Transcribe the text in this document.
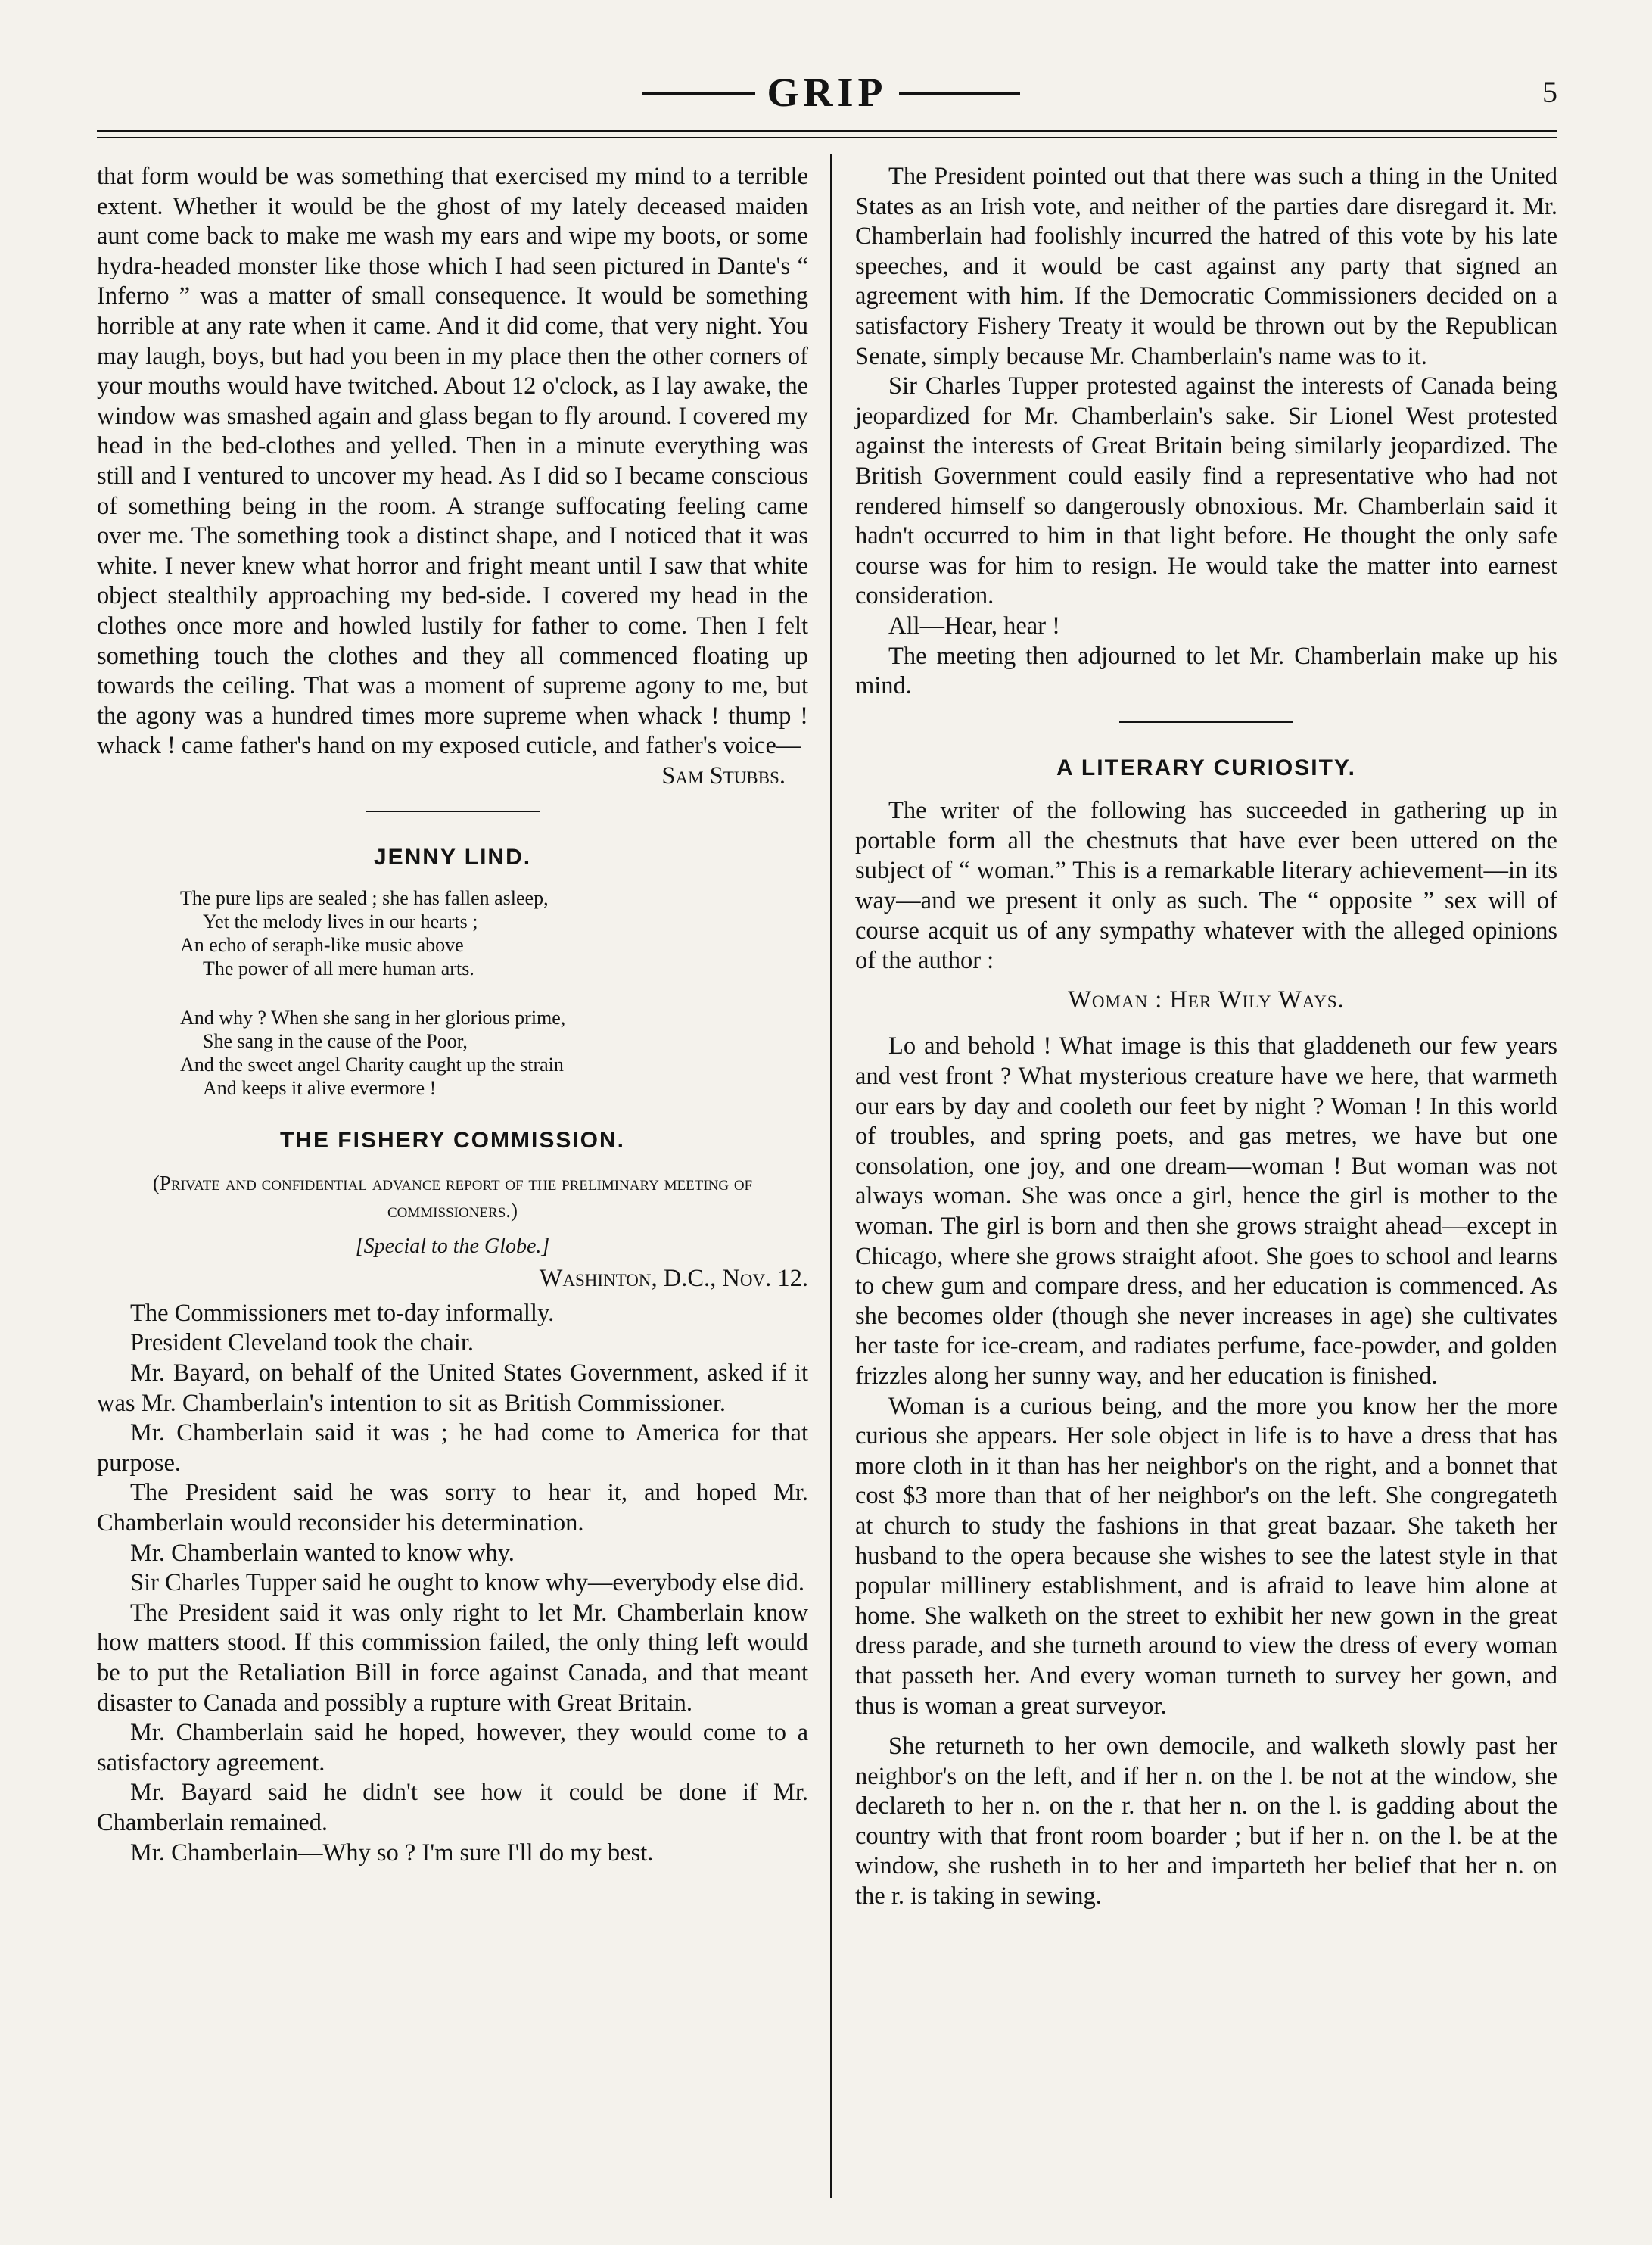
GRIP	5

that form would be was something that exercised my mind to a terrible extent. Whether it would be the ghost of my lately deceased maiden aunt come back to make me wash my ears and wipe my boots, or some hydra-headed monster like those which I had seen pictured in Dante's “ Inferno ” was a matter of small consequence. It would be something horrible at any rate when it came. And it did come, that very night. You may laugh, boys, but had you been in my place then the other corners of your mouths would have twitched. About 12 o'clock, as I lay awake, the window was smashed again and glass began to fly around. I covered my head in the bed-clothes and yelled. Then in a minute everything was still and I ventured to uncover my head. As I did so I became conscious of something being in the room. A strange suffocating feeling came over me. The something took a distinct shape, and I noticed that it was white. I never knew what horror and fright meant until I saw that white object stealthily approaching my bed-side. I covered my head in the clothes once more and howled lustily for father to come. Then I felt something touch the clothes and they all commenced floating up towards the ceiling. That was a moment of supreme agony to me, but the agony was a hundred times more supreme when whack ! thump ! whack ! came father's hand on my exposed cuticle, and father's voice—

Sam Stubbs.

JENNY LIND.
The pure lips are sealed ; she has fallen asleep,
Yet the melody lives in our hearts ;
An echo of seraph-like music above
The power of all mere human arts.
And why ? When she sang in her glorious prime,
She sang in the cause of the Poor,
And the sweet angel Charity caught up the strain
And keeps it alive evermore !
THE FISHERY COMMISSION.
(Private and confidential advance report of the preliminary meeting of commissioners.)
[Special to the Globe.]
Washinton, D.C., Nov. 12.

The Commissioners met to-day informally.

President Cleveland took the chair.

Mr. Bayard, on behalf of the United States Government, asked if it was Mr. Chamberlain's intention to sit as British Commissioner.

Mr. Chamberlain said it was ; he had come to America for that purpose.

The President said he was sorry to hear it, and hoped Mr. Chamberlain would reconsider his determination.

Mr. Chamberlain wanted to know why.

Sir Charles Tupper said he ought to know why—everybody else did.

The President said it was only right to let Mr. Chamberlain know how matters stood. If this commission failed, the only thing left would be to put the Retaliation Bill in force against Canada, and that meant disaster to Canada and possibly a rupture with Great Britain.

Mr. Chamberlain said he hoped, however, they would come to a satisfactory agreement.

Mr. Bayard said he didn't see how it could be done if Mr. Chamberlain remained.

Mr. Chamberlain—Why so ? I'm sure I'll do my best.

The President pointed out that there was such a thing in the United States as an Irish vote, and neither of the parties dare disregard it. Mr. Chamberlain had foolishly incurred the hatred of this vote by his late speeches, and it would be cast against any party that signed an agreement with him. If the Democratic Commissioners decided on a satisfactory Fishery Treaty it would be thrown out by the Republican Senate, simply because Mr. Chamberlain's name was to it.

Sir Charles Tupper protested against the interests of Canada being jeopardized for Mr. Chamberlain's sake. Sir Lionel West protested against the interests of Great Britain being similarly jeopardized. The British Government could easily find a representative who had not rendered himself so dangerously obnoxious. Mr. Chamberlain said it hadn't occurred to him in that light before. He thought the only safe course was for him to resign. He would take the matter into earnest consideration.

All—Hear, hear !

The meeting then adjourned to let Mr. Chamberlain make up his mind.

A LITERARY CURIOSITY.

The writer of the following has succeeded in gathering up in portable form all the chestnuts that have ever been uttered on the subject of “ woman.” This is a remarkable literary achievement—in its way—and we present it only as such. The “ opposite ” sex will of course acquit us of any sympathy whatever with the alleged opinions of the author :

Woman : Her Wily Ways.

Lo and behold ! What image is this that gladdeneth our few years and vest front ? What mysterious creature have we here, that warmeth our ears by day and cooleth our feet by night ? Woman ! In this world of troubles, and spring poets, and gas metres, we have but one consolation, one joy, and one dream—woman ! But woman was not always woman. She was once a girl, hence the girl is mother to the woman. The girl is born and then she grows straight ahead—except in Chicago, where she grows straight afoot. She goes to school and learns to chew gum and compare dress, and her education is commenced. As she becomes older (though she never increases in age) she cultivates her taste for ice-cream, and radiates perfume, face-powder, and golden frizzles along her sunny way, and her education is finished.

Woman is a curious being, and the more you know her the more curious she appears. Her sole object in life is to have a dress that has more cloth in it than has her neighbor's on the right, and a bonnet that cost $3 more than that of her neighbor's on the left. She congregateth at church to study the fashions in that great bazaar. She taketh her husband to the opera because she wishes to see the latest style in that popular millinery establishment, and is afraid to leave him alone at home. She walketh on the street to exhibit her new gown in the great dress parade, and she turneth around to view the dress of every woman that passeth her. And every woman turneth to survey her gown, and thus is woman a great surveyor.

She returneth to her own democile, and walketh slowly past her neighbor's on the left, and if her n. on the l. be not at the window, she declareth to her n. on the r. that her n. on the l. is gadding about the country with that front room boarder ; but if her n. on the l. be at the window, she rusheth in to her and imparteth her belief that her n. on the r. is taking in sewing.
